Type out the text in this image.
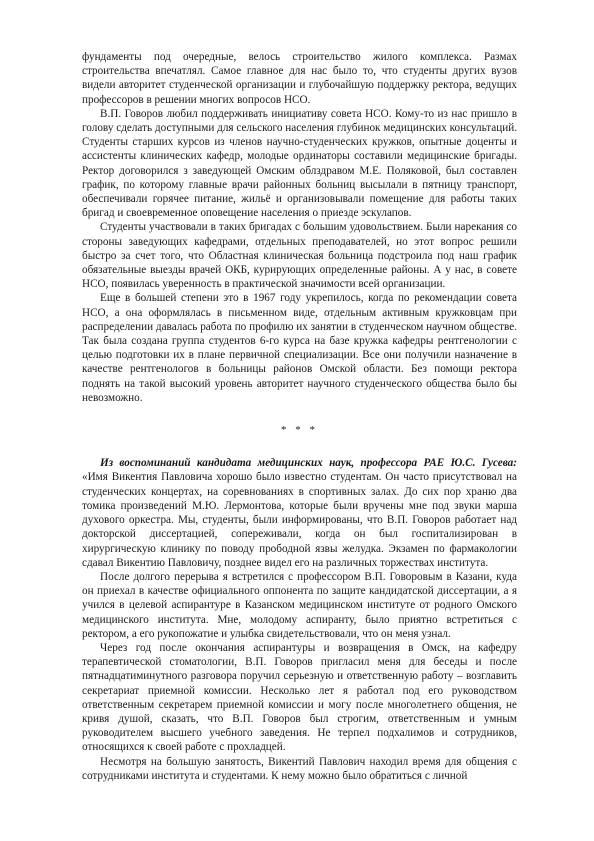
фундаменты под очередные, велось строительство жилого комплекса. Размах строительства впечатлял. Самое главное для нас было то, что студенты других вузов видели авторитет студенческой организации и глубочайшую поддержку ректора, ведущих профессоров в решении многих вопросов НСО.

В.П. Говоров любил поддерживать инициативу совета НСО. Кому-то из нас пришло в голову сделать доступными для сельского населения глубинок медицинских консультаций. Студенты старших курсов из членов научно-студенческих кружков, опытные доценты и ассистенты клинических кафедр, молодые ординаторы составили медицинские бригады. Ректор договорился з заведующей Омским облздравом М.Е. Поляковой, был составлен график, по которому главные врачи районных больниц высылали в пятницу транспорт, обеспечивали горячее питание, жильё и организовывали помещение для работы таких бригад и своевременное оповещение населения о приезде эскулапов.

Студенты участвовали в таких бригадах с большим удовольствием. Были нарекания со стороны заведующих кафедрами, отдельных преподавателей, но этот вопрос решили быстро за счет того, что Областная клиническая больница подстроила под наш график обязательные выезды врачей ОКБ, курирующих определенные районы. А у нас, в совете НСО, появилась уверенность в практической значимости всей организации.

Еще в большей степени это в 1967 году укрепилось, когда по рекомендации совета НСО, а она оформлялась в письменном виде, отдельным активным кружковцам при распределении давалась работа по профилю их занятии в студенческом научном обществе. Так была создана группа студентов 6-го курса на базе кружка кафедры рентгенологии с целью подготовки их в плане первичной специализации. Все они получили назначение в качестве рентгенологов в больницы районов Омской области. Без помощи ректора поднять на такой высокий уровень авторитет научного студенческого общества было бы невозможно.

* * *

Из воспоминаний кандидата медицинских наук, профессора РАЕ Ю.С. Гусева: «Имя Викентия Павловича хорошо было известно студентам. Он часто присутствовал на студенческих концертах, на соревнованиях в спортивных залах. До сих пор храню два томика произведений М.Ю. Лермонтова, которые были вручены мне под звуки марша духового оркестра. Мы, студенты, были информированы, что В.П. Говоров работает над докторской диссертацией, сопереживали, когда он был госпитализирован в хирургическую клинику по поводу прободной язвы желудка. Экзамен по фармакологии сдавал Викентию Павловичу, позднее видел его на различных торжествах института.

После долгого перерыва я встретился с профессором В.П. Говоровым в Казани, куда он приехал в качестве официального оппонента по защите кандидатской диссертации, а я учился в целевой аспирантуре в Казанском медицинском институте от родного Омского медицинского института. Мне, молодому аспиранту, было приятно встретиться с ректором, а его рукопожатие и улыбка свидетельствовали, что он меня узнал.

Через год после окончания аспирантуры и возвращения в Омск, на кафедру терапевтической стоматологии, В.П. Говоров пригласил меня для беседы и после пятнадцатиминутного разговора поручил серьезную и ответственную работу – возглавить секретариат приемной комиссии. Несколько лет я работал под его руководством ответственным секретарем приемной комиссии и могу после многолетнего общения, не кривя душой, сказать, что В.П. Говоров был строгим, ответственным и умным руководителем высшего учебного заведения. Не терпел подхалимов и сотрудников, относящихся к своей работе с прохладцей.

Несмотря на большую занятость, Викентий Павлович находил время для общения с сотрудниками института и студентами. К нему можно было обратиться с личной
